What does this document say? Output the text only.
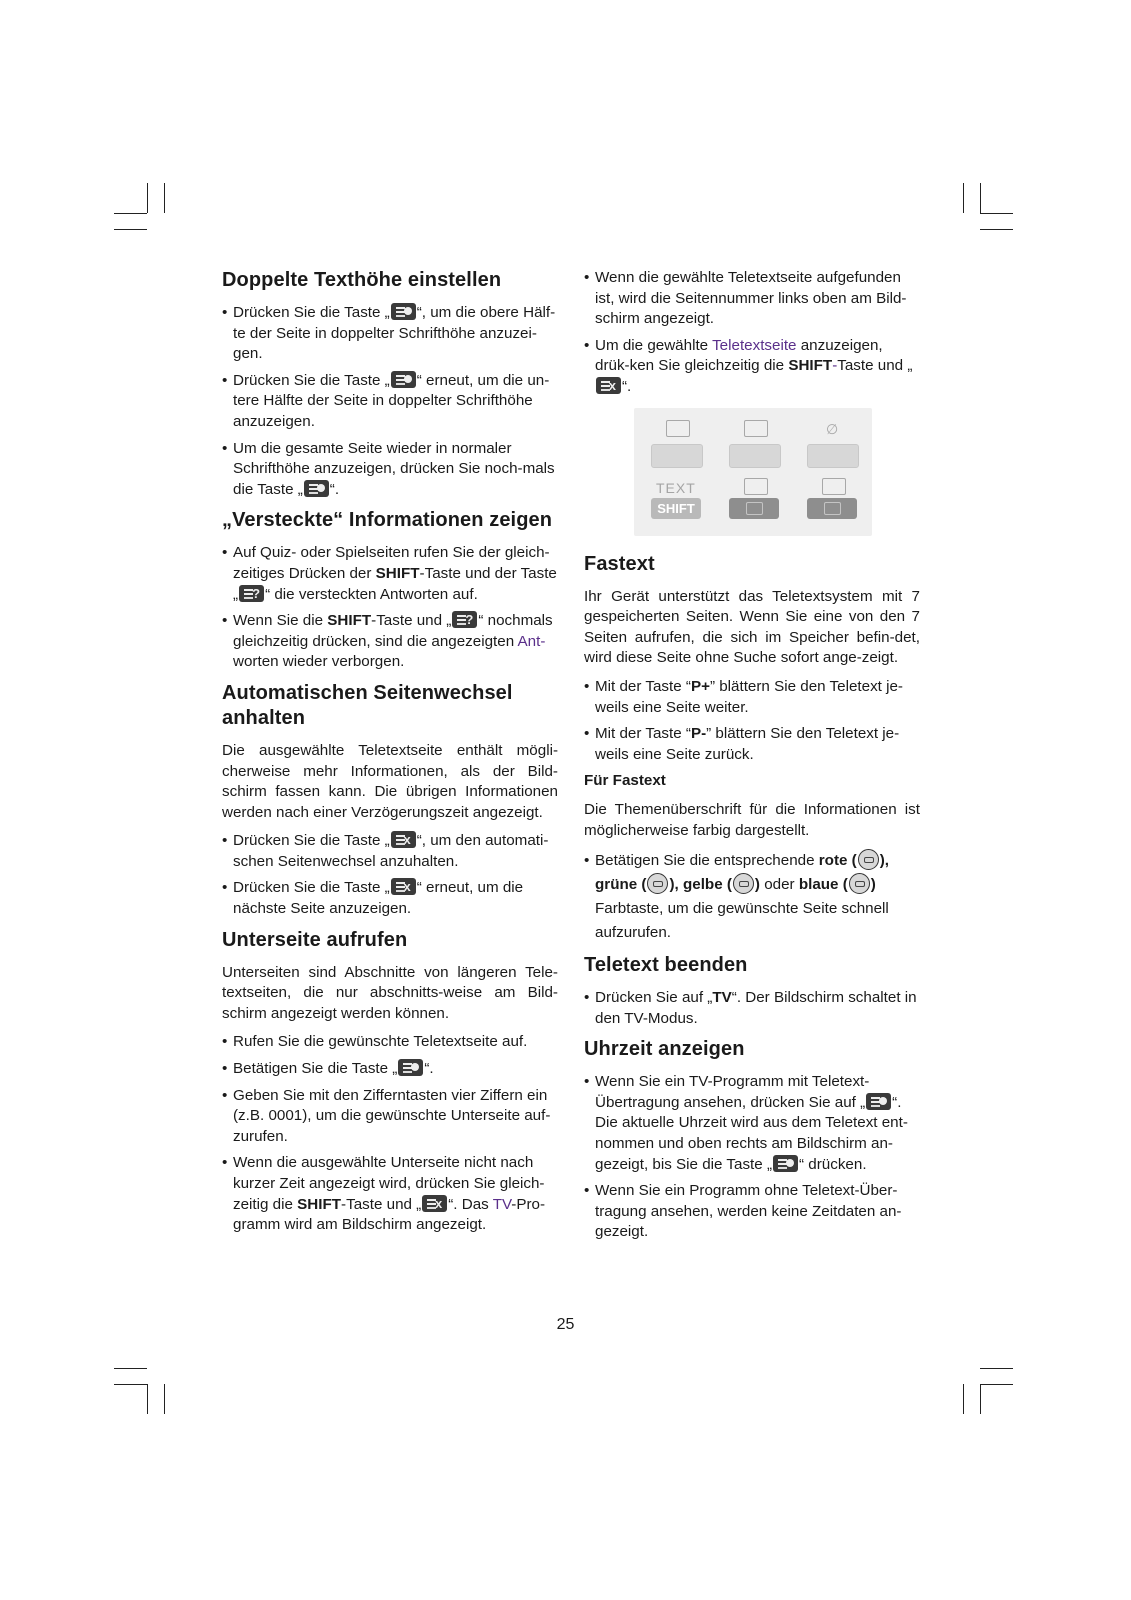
Doppelte Texthöhe einstellen
• Drücken Sie die Taste „ “, um die obere Hälf-te der Seite in doppelter Schrifthöhe anzuzei-gen.
• Drücken Sie die Taste „ “ erneut, um die un-tere Hälfte der Seite in doppelter Schrifthöhe anzuzeigen.
• Um die gesamte Seite wieder in normaler Schrifthöhe anzuzeigen, drücken Sie noch-mals die Taste „ “.
„Versteckte“ Informationen zeigen
• Auf Quiz- oder Spielseiten rufen Sie der gleich-zeitiges Drücken der SHIFT-Taste und der Taste „ ? “ die versteckten Antworten auf.
• Wenn Sie die SHIFT-Taste und „ ? “ nochmals gleichzeitig drücken, sind die angezeigten Ant-worten wieder verborgen.
Automatischen Seitenwechsel anhalten

Die ausgewählte Teletextseite enthält mögli-cherweise mehr Informationen, als der Bild-schirm fassen kann. Die übrigen Informationen werden nach einer Verzögerungszeit angezeigt.

• Drücken Sie die Taste „ x “, um den automati-schen Seitenwechsel anzuhalten.
• Drücken Sie die Taste „ x “ erneut, um die nächste Seite anzuzeigen.
Unterseite aufrufen

Unterseiten sind Abschnitte von längeren Tele-textseiten, die nur abschnitts-weise am Bild-schirm angezeigt werden können.

• Rufen Sie die gewünschte Teletextseite auf.
• Betätigen Sie die Taste „ “.
• Geben Sie mit den Zifferntasten vier Ziffern ein (z.B. 0001), um die gewünschte Unterseite auf-zurufen.
• Wenn die ausgewählte Unterseite nicht nach kurzer Zeit angezeigt wird, drücken Sie gleich-zeitig die SHIFT-Taste und „ x “. Das TV-Pro-gramm wird am Bildschirm angezeigt.
• Wenn die gewählte Teletextseite aufgefunden ist, wird die Seitennummer links oben am Bild-schirm angezeigt.
• Um die gewählte Teletextseite anzuzeigen, drük-ken Sie gleichzeitig die SHIFT-Taste und „x“.
∅
TEXT
SHIFT
Fastext

Ihr Gerät unterstützt das Teletextsystem mit 7 gespeicherten Seiten. Wenn Sie eine von den 7 Seiten aufrufen, die sich im Speicher befin-det, wird diese Seite ohne Suche sofort ange-zeigt.

• Mit der Taste “P+” blättern Sie den Teletext je-weils eine Seite weiter.
• Mit der Taste “P-” blättern Sie den Teletext je-weils eine Seite zurück.
Für Fastext

Die Themenüberschrift für die Informationen ist möglicherweise farbig dargestellt.

• Betätigen Sie die entsprechende rote ( ), grüne ( ), gelbe ( ) oder blaue ( ) Farbtaste, um die gewünschte Seite schnell aufzurufen.
Teletext beenden
• Drücken Sie auf „TV“. Der Bildschirm schaltet in den TV-Modus.
Uhrzeit anzeigen
• Wenn Sie ein TV-Programm mit Teletext-Übertragung ansehen, drücken Sie auf „ “. Die aktuelle Uhrzeit wird aus dem Teletext ent-nommen und oben rechts am Bildschirm an-gezeigt, bis Sie die Taste „ “ drücken.
• Wenn Sie ein Programm ohne Teletext-Über-tragung ansehen, werden keine Zeitdaten an-gezeigt.
25
